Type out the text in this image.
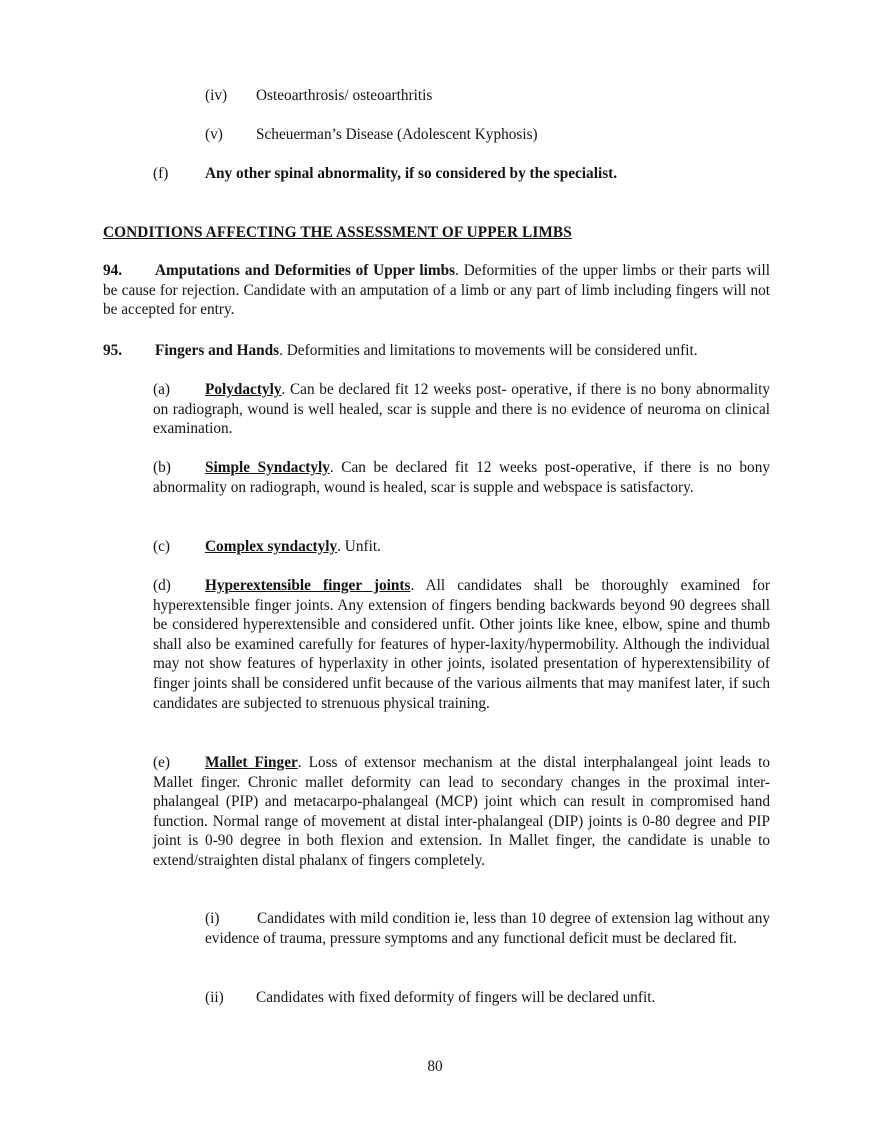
(iv) Osteoarthrosis/ osteoarthritis
(v) Scheuerman’s Disease (Adolescent Kyphosis)
(f) Any other spinal abnormality, if so considered by the specialist.
CONDITIONS AFFECTING THE ASSESSMENT OF UPPER LIMBS
94. Amputations and Deformities of Upper limbs. Deformities of the upper limbs or their parts will be cause for rejection. Candidate with an amputation of a limb or any part of limb including fingers will not be accepted for entry.
95. Fingers and Hands. Deformities and limitations to movements will be considered unfit.
(a) Polydactyly. Can be declared fit 12 weeks post- operative, if there is no bony abnormality on radiograph, wound is well healed, scar is supple and there is no evidence of neuroma on clinical examination.
(b) Simple Syndactyly. Can be declared fit 12 weeks post-operative, if there is no bony abnormality on radiograph, wound is healed, scar is supple and webspace is satisfactory.
(c) Complex syndactyly. Unfit.
(d) Hyperextensible finger joints. All candidates shall be thoroughly examined for hyperextensible finger joints. Any extension of fingers bending backwards beyond 90 degrees shall be considered hyperextensible and considered unfit. Other joints like knee, elbow, spine and thumb shall also be examined carefully for features of hyper-laxity/hypermobility. Although the individual may not show features of hyperlaxity in other joints, isolated presentation of hyperextensibility of finger joints shall be considered unfit because of the various ailments that may manifest later, if such candidates are subjected to strenuous physical training.
(e) Mallet Finger. Loss of extensor mechanism at the distal interphalangeal joint leads to Mallet finger. Chronic mallet deformity can lead to secondary changes in the proximal inter-phalangeal (PIP) and metacarpo-phalangeal (MCP) joint which can result in compromised hand function. Normal range of movement at distal inter-phalangeal (DIP) joints is 0-80 degree and PIP joint is 0-90 degree in both flexion and extension. In Mallet finger, the candidate is unable to extend/straighten distal phalanx of fingers completely.
(i) Candidates with mild condition ie, less than 10 degree of extension lag without any evidence of trauma, pressure symptoms and any functional deficit must be declared fit.
(ii) Candidates with fixed deformity of fingers will be declared unfit.
80
